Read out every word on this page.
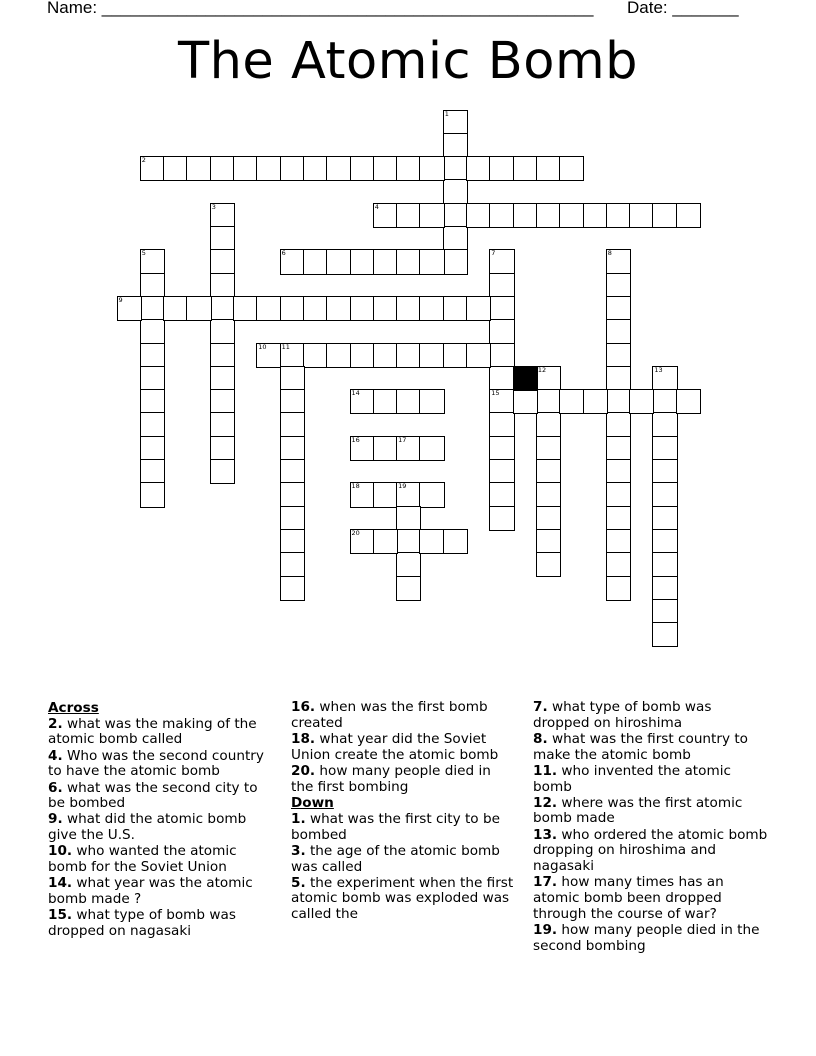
Name: ____________________________________________________ Date: _______
The Atomic Bomb
1
2
3	4
5	6	7
15
8
9
10 11
12	13
14
16	17
18	19
20
Across
2. what was the making of the atomic bomb called
4. Who was the second country to have the atomic bomb
6. what was the second city to be bombed
9. what did the atomic bomb give the U.S.
10. who wanted the atomic bomb for the Soviet Union
14. what year was the atomic bomb made ?
15. what type of bomb was dropped on nagasaki
16. when was the first bomb created
18. what year did the Soviet Union create the atomic bomb
20. how many people died in the first bombing
Down
1. what was the first city to be bombed
3. the age of the atomic bomb was called
5. the experiment when the first atomic bomb was exploded was called the
7. what type of bomb was dropped on hiroshima
8. what was the first country to make the atomic bomb
11. who invented the atomic bomb
12. where was the first atomic bomb made
13. who ordered the atomic bomb dropping on hiroshima and nagasaki
17. how many times has an atomic bomb been dropped through the course of war?
19. how many people died in the second bombing
